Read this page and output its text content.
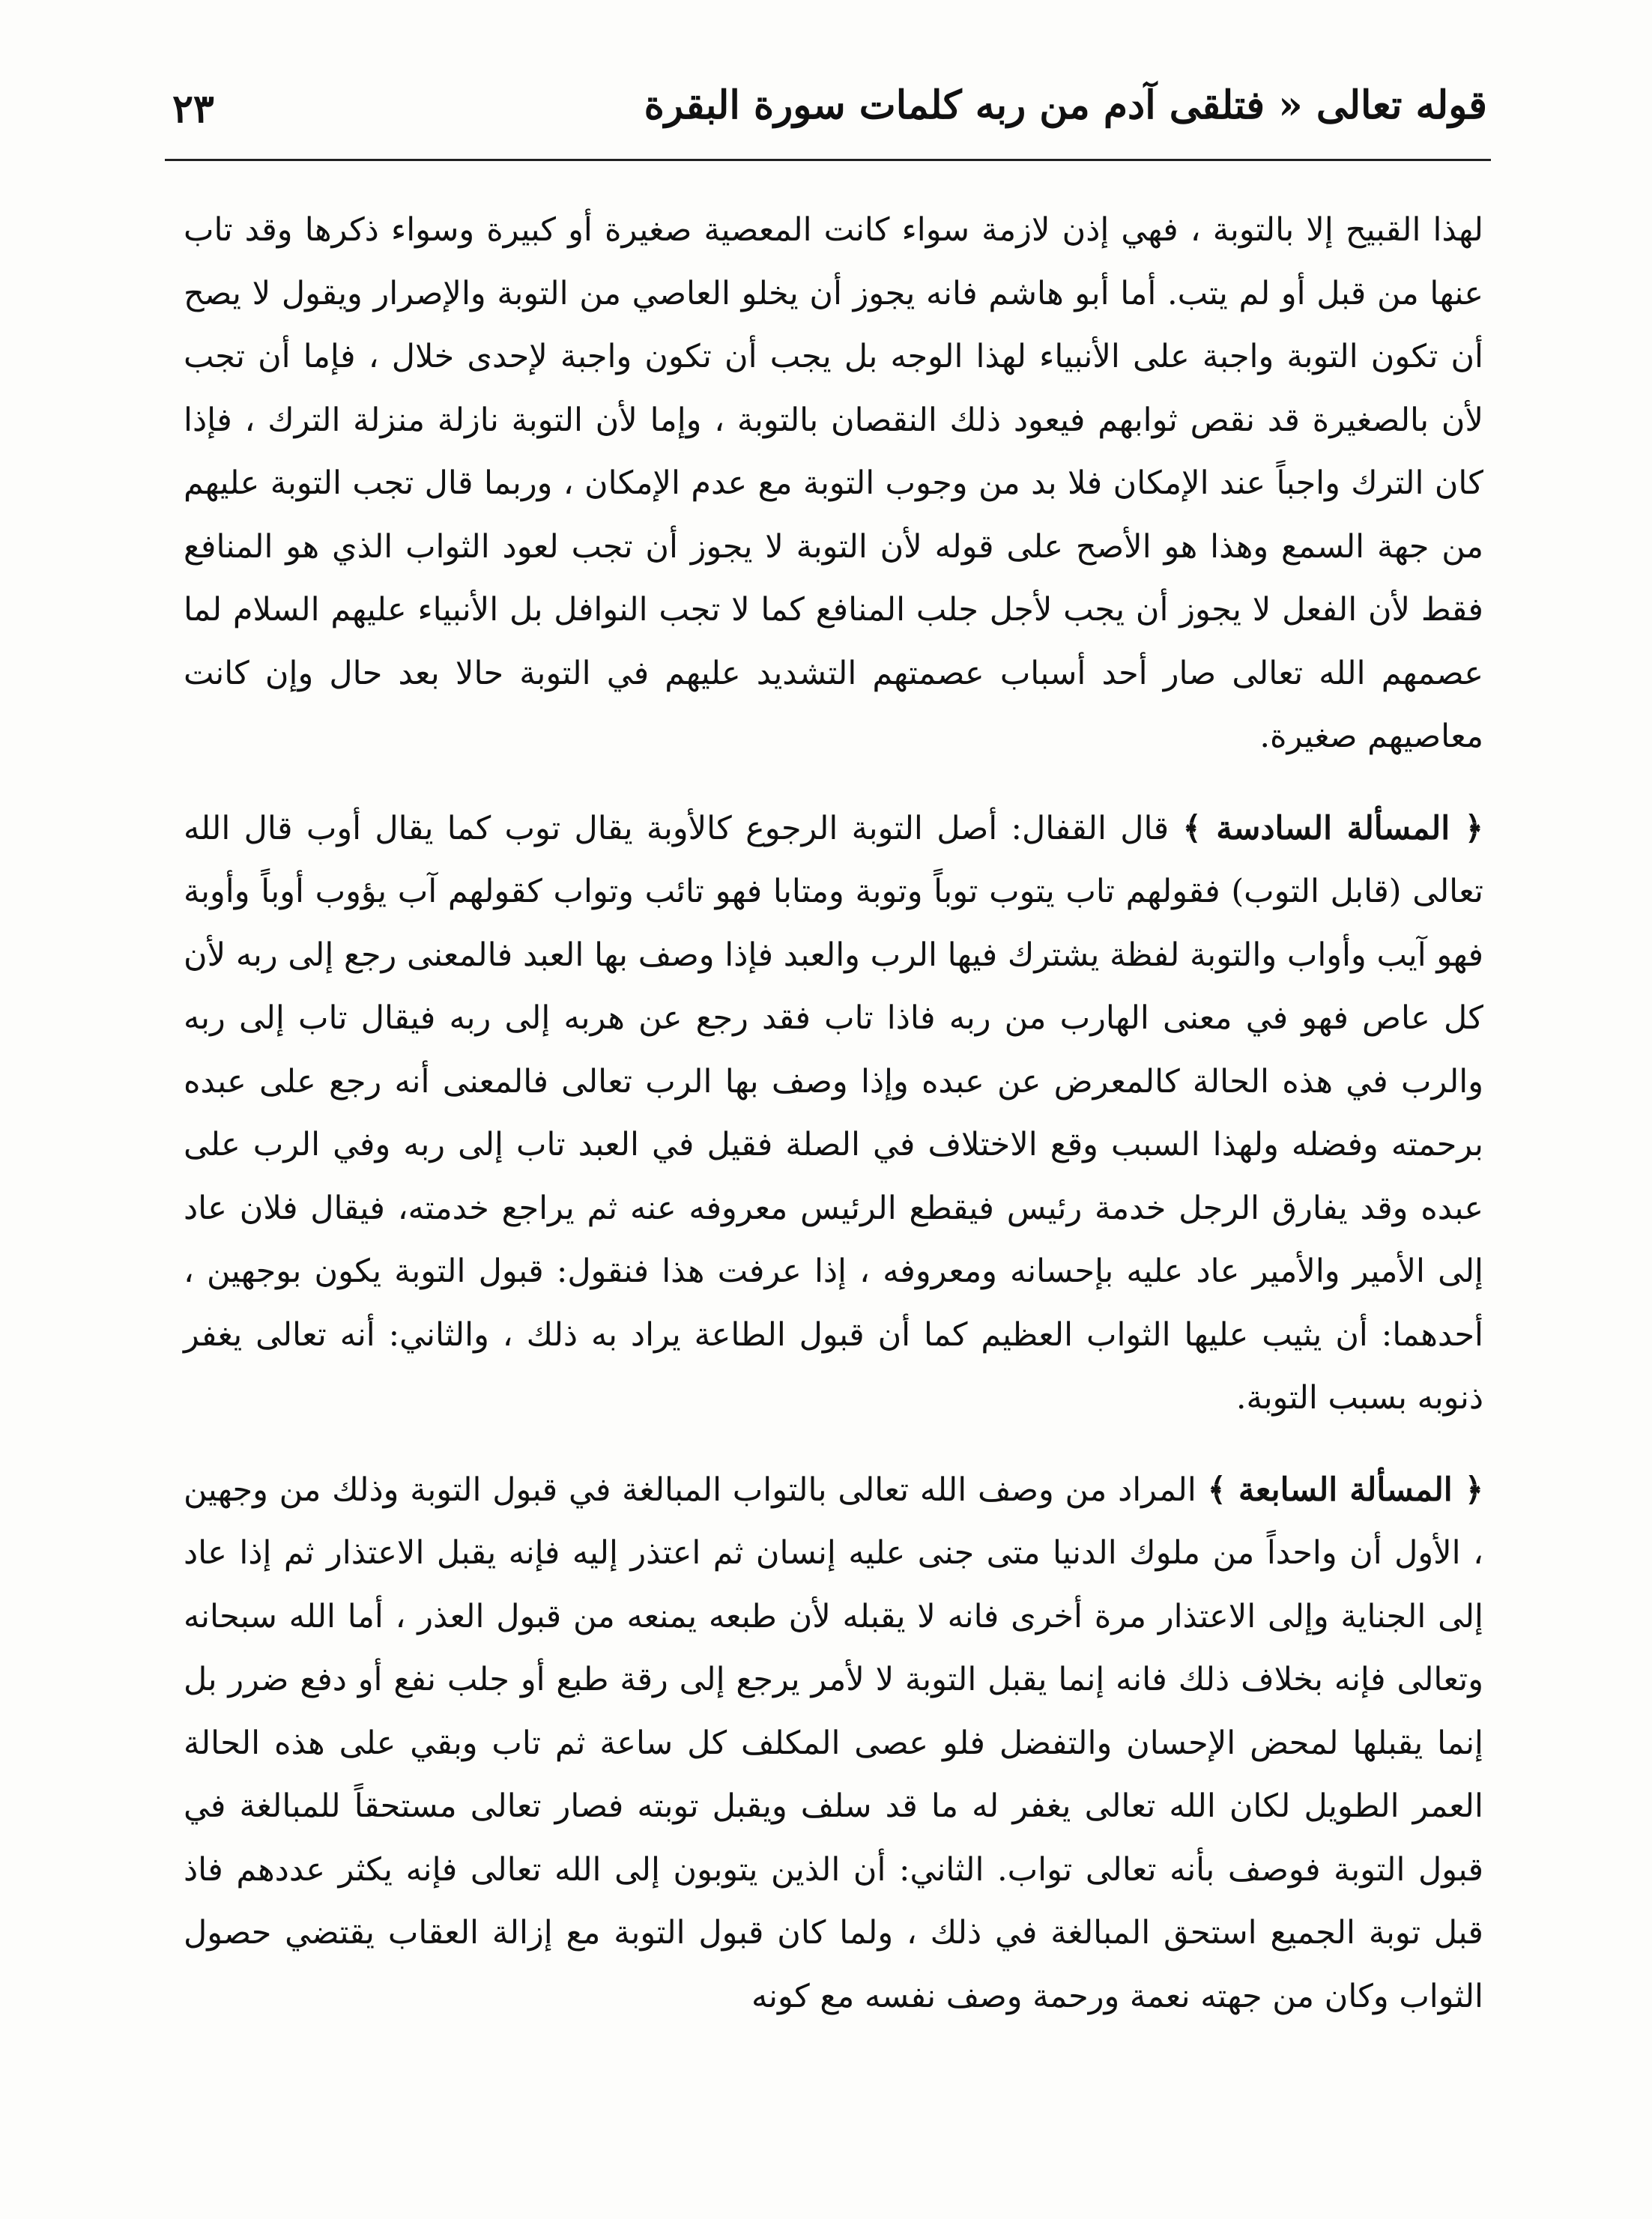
قوله تعالى « فتلقى آدم من ربه كلمات سورة البقرة
٢٣

لهذا القبيح إلا بالتوبة ، فهي إذن لازمة سواء كانت المعصية صغيرة أو كبيرة وسواء ذكرها وقد تاب عنها من قبل أو لم يتب. أما أبو هاشم فانه يجوز أن يخلو العاصي من التوبة والإصرار ويقول لا يصح أن تكون التوبة واجبة على الأنبياء لهذا الوجه بل يجب أن تكون واجبة لإحدى خلال ، فإما أن تجب لأن بالصغيرة قد نقص ثوابهم فيعود ذلك النقصان بالتوبة ، وإما لأن التوبة نازلة منزلة الترك ، فإذا كان الترك واجباً عند الإمكان فلا بد من وجوب التوبة مع عدم الإمكان ، وربما قال تجب التوبة عليهم من جهة السمع وهذا هو الأصح على قوله لأن التوبة لا يجوز أن تجب لعود الثواب الذي هو المنافع فقط لأن الفعل لا يجوز أن يجب لأجل جلب المنافع كما لا تجب النوافل بل الأنبياء عليهم السلام لما عصمهم الله تعالى صار أحد أسباب عصمتهم التشديد عليهم في التوبة حالا بعد حال وإن كانت معاصيهم صغيرة.

﴿ المسألة السادسة ﴾ قال القفال: أصل التوبة الرجوع كالأوبة يقال توب كما يقال أوب قال الله تعالى (قابل التوب) فقولهم تاب يتوب توباً وتوبة ومتابا فهو تائب وتواب كقولهم آب يؤوب أوباً وأوبة فهو آيب وأواب والتوبة لفظة يشترك فيها الرب والعبد فإذا وصف بها العبد فالمعنى رجع إلى ربه لأن كل عاص فهو في معنى الهارب من ربه فاذا تاب فقد رجع عن هربه إلى ربه فيقال تاب إلى ربه والرب في هذه الحالة كالمعرض عن عبده وإذا وصف بها الرب تعالى فالمعنى أنه رجع على عبده برحمته وفضله ولهذا السبب وقع الاختلاف في الصلة فقيل في العبد تاب إلى ربه وفي الرب على عبده وقد يفارق الرجل خدمة رئيس فيقطع الرئيس معروفه عنه ثم يراجع خدمته، فيقال فلان عاد إلى الأمير والأمير عاد عليه بإحسانه ومعروفه ، إذا عرفت هذا فنقول: قبول التوبة يكون بوجهين ، أحدهما: أن يثيب عليها الثواب العظيم كما أن قبول الطاعة يراد به ذلك ، والثاني: أنه تعالى يغفر ذنوبه بسبب التوبة.

﴿ المسألة السابعة ﴾ المراد من وصف الله تعالى بالتواب المبالغة في قبول التوبة وذلك من وجهين ، الأول أن واحداً من ملوك الدنيا متى جنى عليه إنسان ثم اعتذر إليه فإنه يقبل الاعتذار ثم إذا عاد إلى الجناية وإلى الاعتذار مرة أخرى فانه لا يقبله لأن طبعه يمنعه من قبول العذر ، أما الله سبحانه وتعالى فإنه بخلاف ذلك فانه إنما يقبل التوبة لا لأمر يرجع إلى رقة طبع أو جلب نفع أو دفع ضرر بل إنما يقبلها لمحض الإحسان والتفضل فلو عصى المكلف كل ساعة ثم تاب وبقي على هذه الحالة العمر الطويل لكان الله تعالى يغفر له ما قد سلف ويقبل توبته فصار تعالى مستحقاً للمبالغة في قبول التوبة فوصف بأنه تعالى تواب. الثاني: أن الذين يتوبون إلى الله تعالى فإنه يكثر عددهم فاذ قبل توبة الجميع استحق المبالغة في ذلك ، ولما كان قبول التوبة مع إزالة العقاب يقتضي حصول الثواب وكان من جهته نعمة ورحمة وصف نفسه مع كونه
